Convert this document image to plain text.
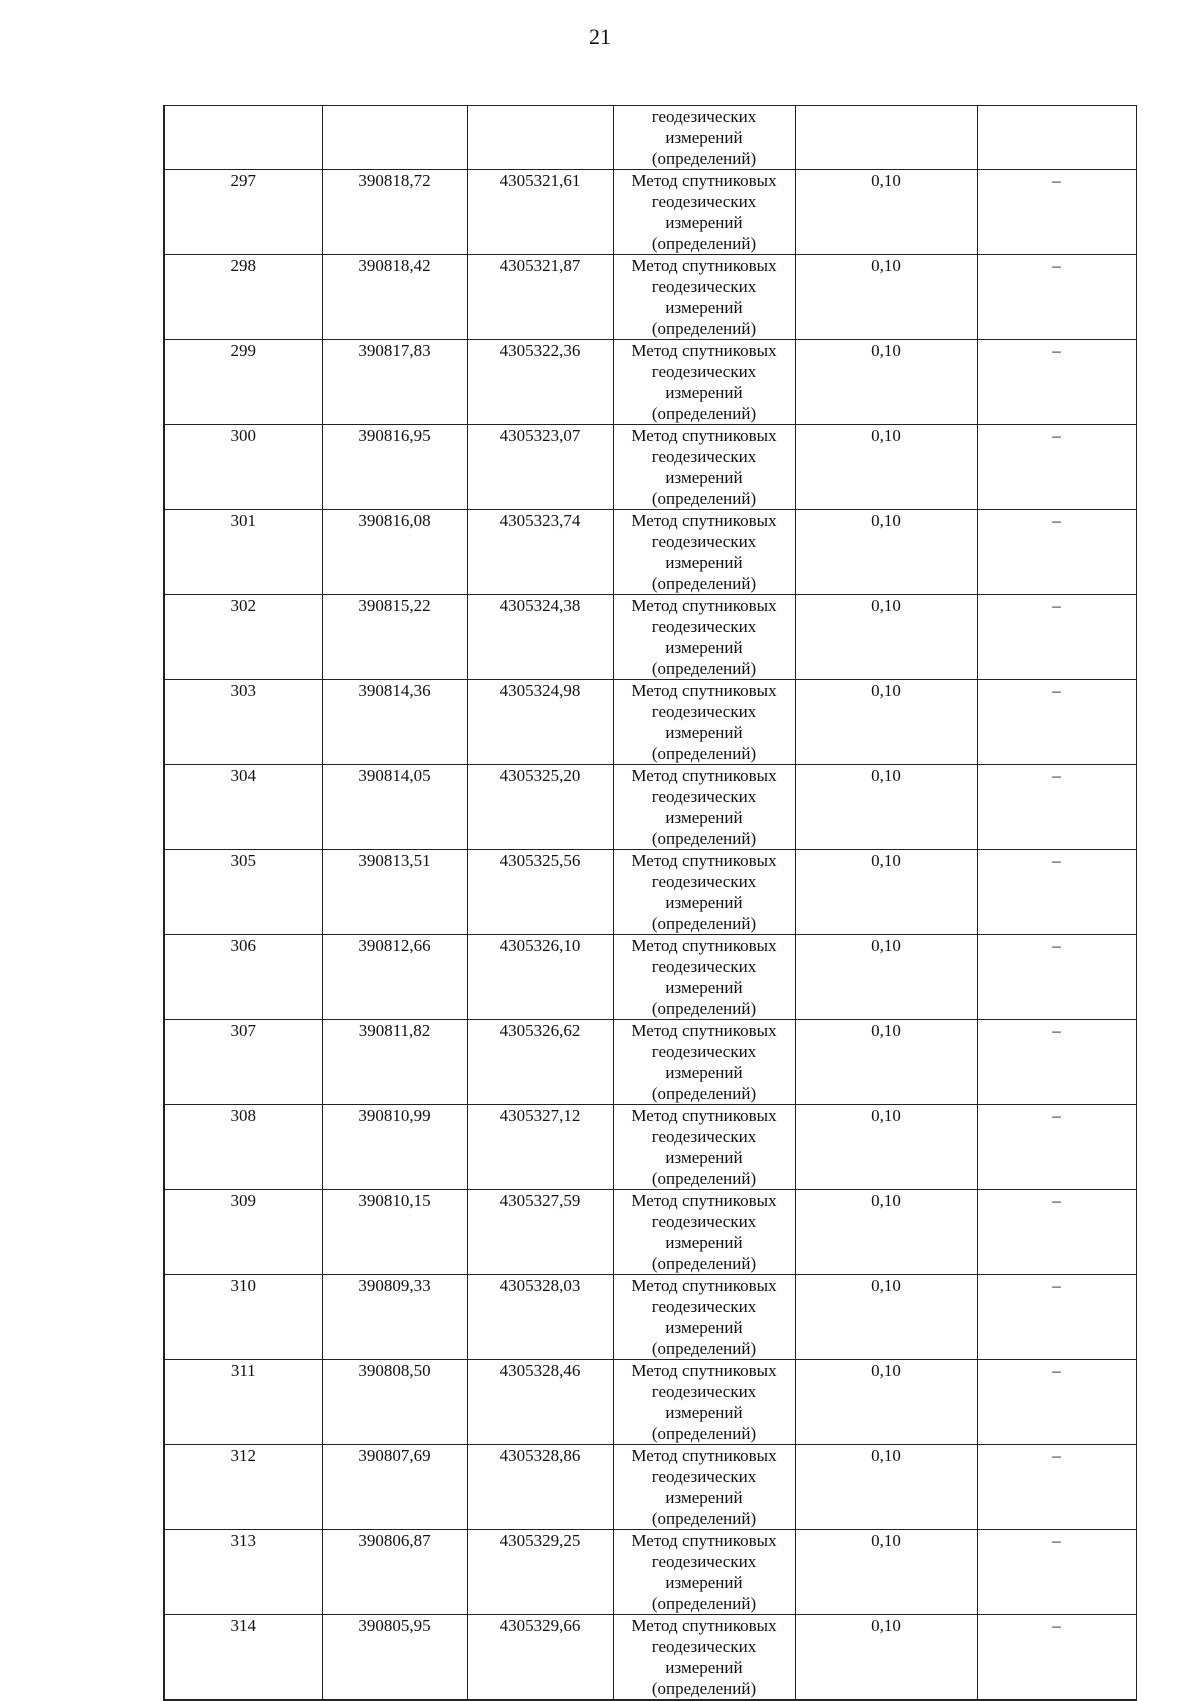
21

			геодезических
измерений
(определений)		

297	390818,72	4305321,61	Метод спутниковых
геодезических
измерений
(определений)	0,10	–

298	390818,42	4305321,87	Метод спутниковых
геодезических
измерений
(определений)	0,10	–

299	390817,83	4305322,36	Метод спутниковых
геодезических
измерений
(определений)	0,10	–

300	390816,95	4305323,07	Метод спутниковых
геодезических
измерений
(определений)	0,10	–

301	390816,08	4305323,74	Метод спутниковых
геодезических
измерений
(определений)	0,10	–

302	390815,22	4305324,38	Метод спутниковых
геодезических
измерений
(определений)	0,10	–

303	390814,36	4305324,98	Метод спутниковых
геодезических
измерений
(определений)	0,10	–

304	390814,05	4305325,20	Метод спутниковых
геодезических
измерений
(определений)	0,10	–

305	390813,51	4305325,56	Метод спутниковых
геодезических
измерений
(определений)	0,10	–

306	390812,66	4305326,10	Метод спутниковых
геодезических
измерений
(определений)	0,10	–

307	390811,82	4305326,62	Метод спутниковых
геодезических
измерений
(определений)	0,10	–

308	390810,99	4305327,12	Метод спутниковых
геодезических
измерений
(определений)	0,10	–

309	390810,15	4305327,59	Метод спутниковых
геодезических
измерений
(определений)	0,10	–

310	390809,33	4305328,03	Метод спутниковых
геодезических
измерений
(определений)	0,10	–

311	390808,50	4305328,46	Метод спутниковых
геодезических
измерений
(определений)	0,10	–

312	390807,69	4305328,86	Метод спутниковых
геодезических
измерений
(определений)	0,10	–

313	390806,87	4305329,25	Метод спутниковых
геодезических
измерений
(определений)	0,10	–

314	390805,95	4305329,66	Метод спутниковых
геодезических
измерений
(определений)	0,10	–
